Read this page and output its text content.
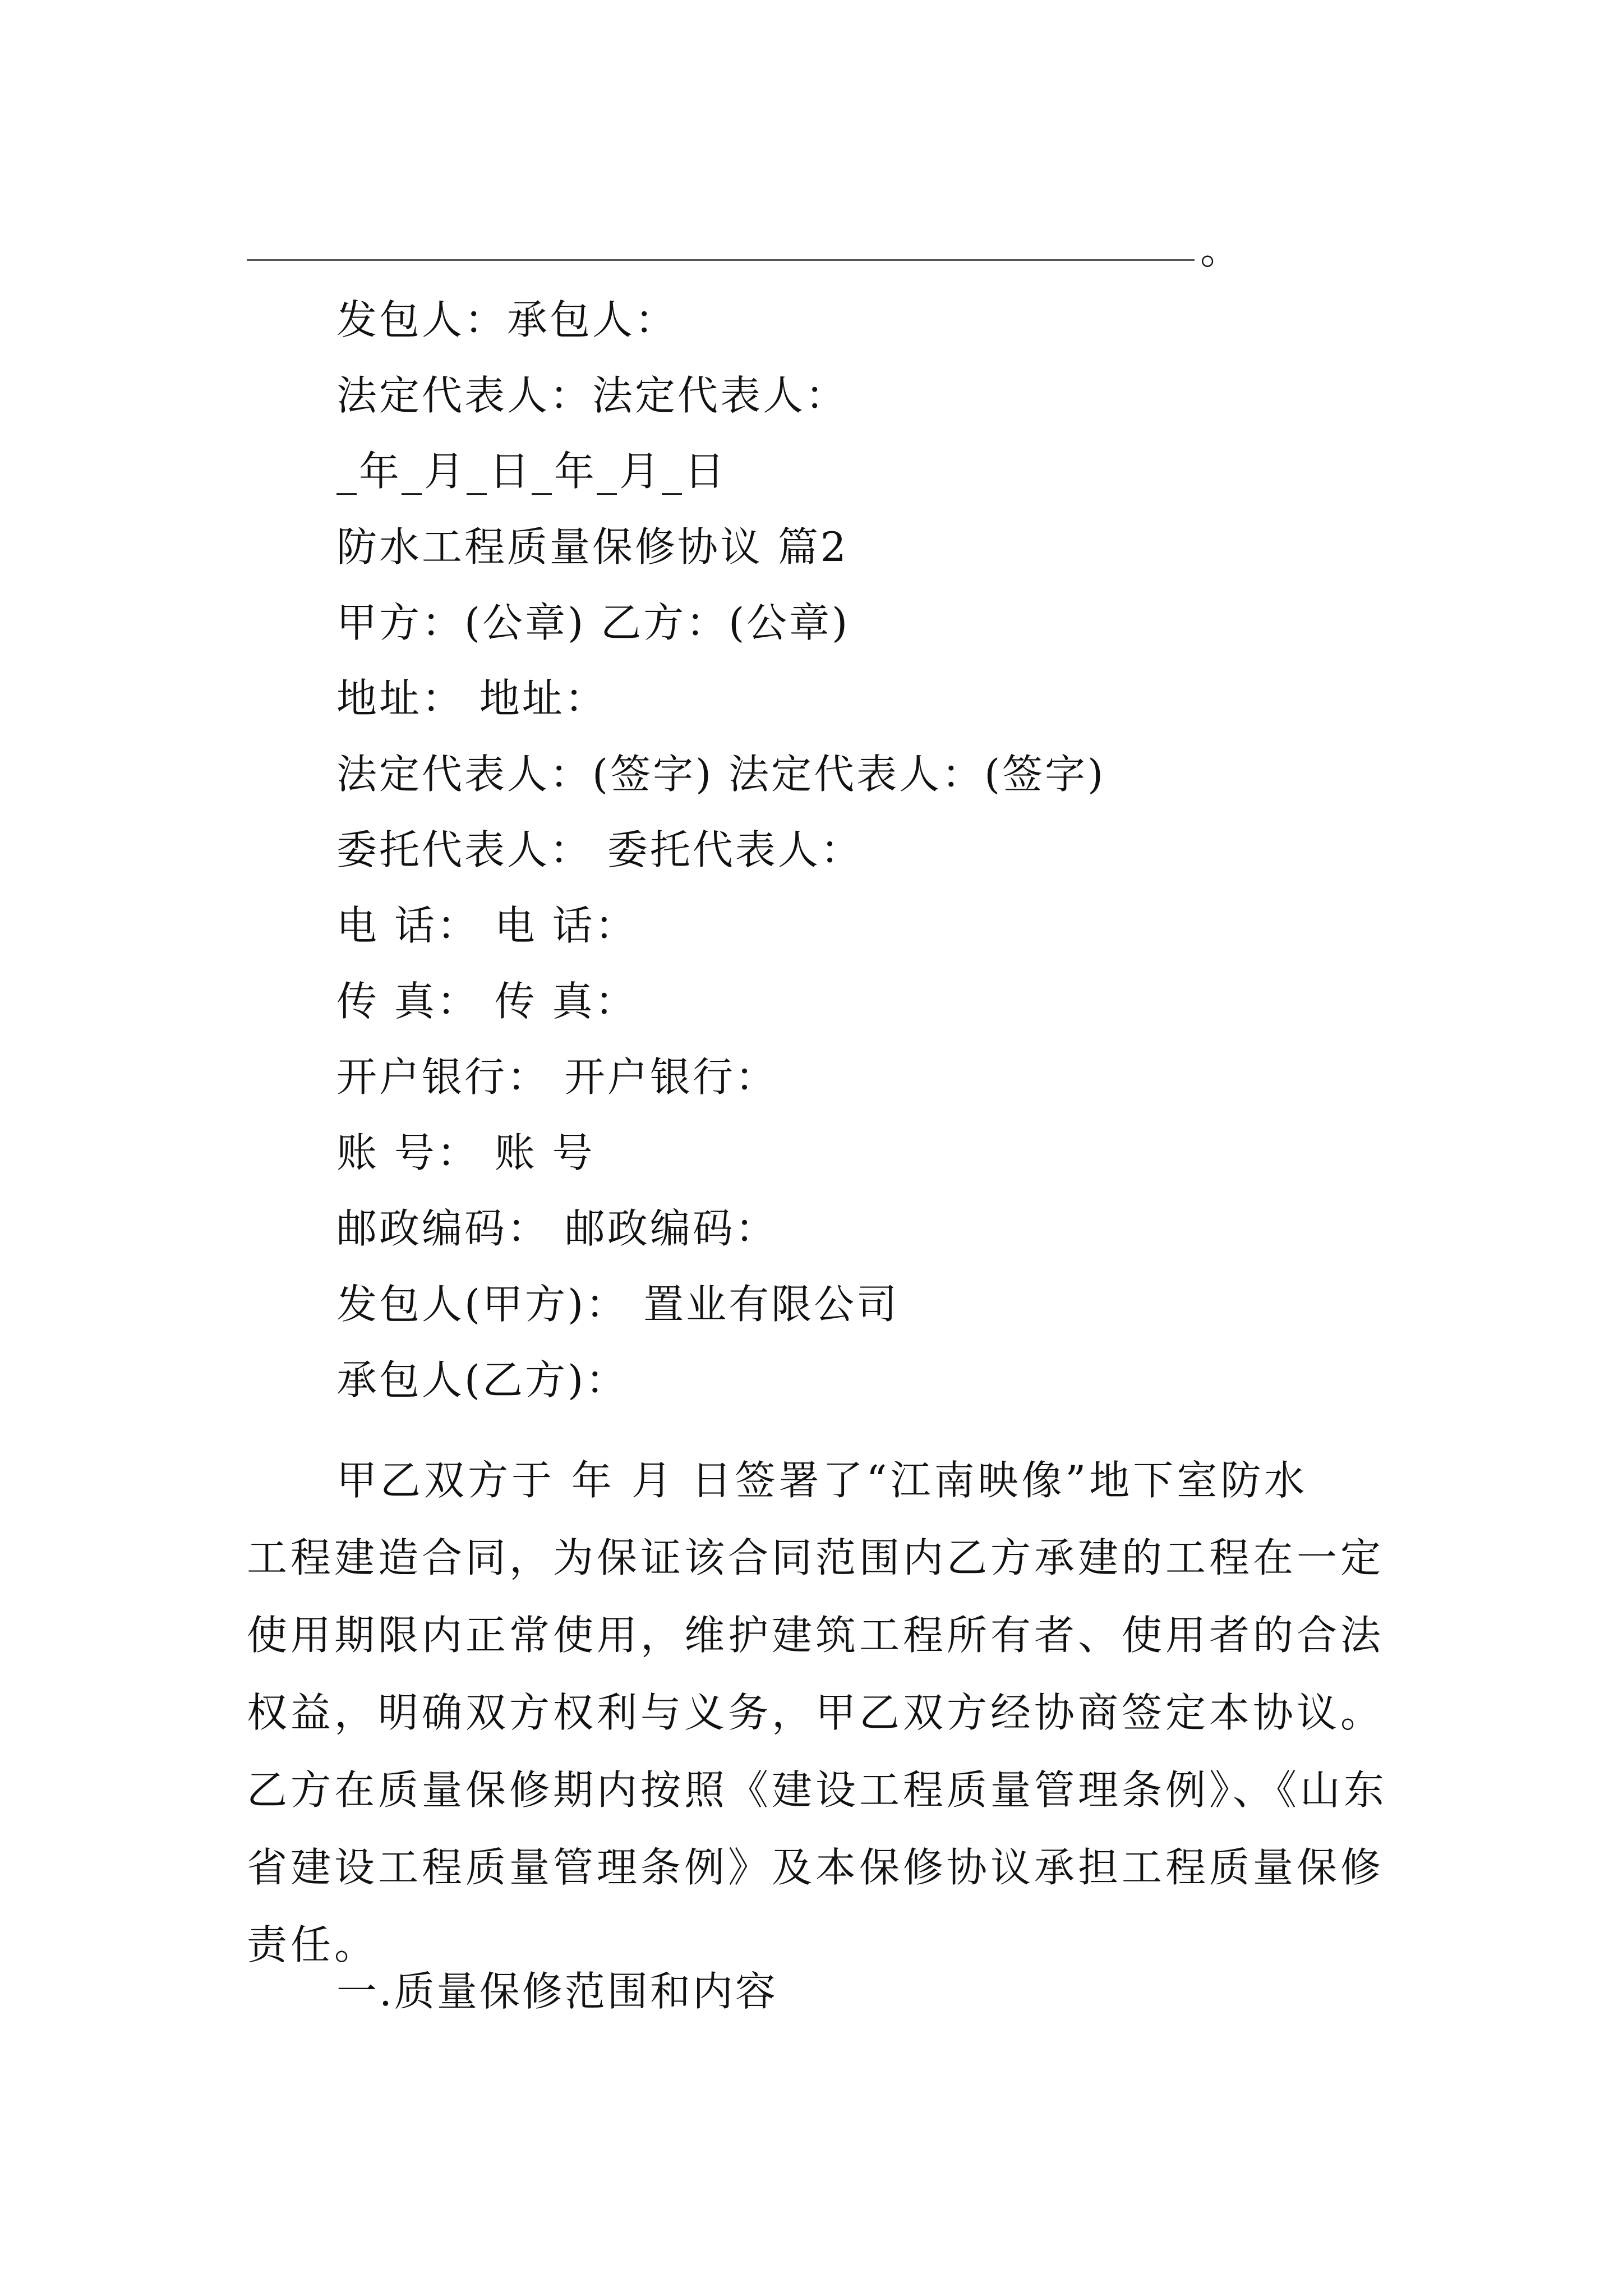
。
发包人：承包人：
法定代表人：法定代表人：
_年_月_日_年_月_日
防水工程质量保修协议 篇2
甲方：(公章) 乙方：(公章)
地址： 地址：
法定代表人：(签字) 法定代表人：(签字)
委托代表人： 委托代表人：
电 话： 电 话：
传 真： 传 真：
开户银行： 开户银行：
账 号： 账 号
邮政编码： 邮政编码：
发包人(甲方)： 置业有限公司
承包人(乙方)：
甲乙双方于 年 月 日签署了“江南映像”地下室防水
工程建造合同，为保证该合同范围内乙方承建的工程在一定
使用期限内正常使用，维护建筑工程所有者、使用者的合法
权益，明确双方权利与义务，甲乙双方经协商签定本协议。
乙方在质量保修期内按照《建设工程质量管理条例》、《山东
省建设工程质量管理条例》及本保修协议承担工程质量保修
责任。
一.质量保修范围和内容
